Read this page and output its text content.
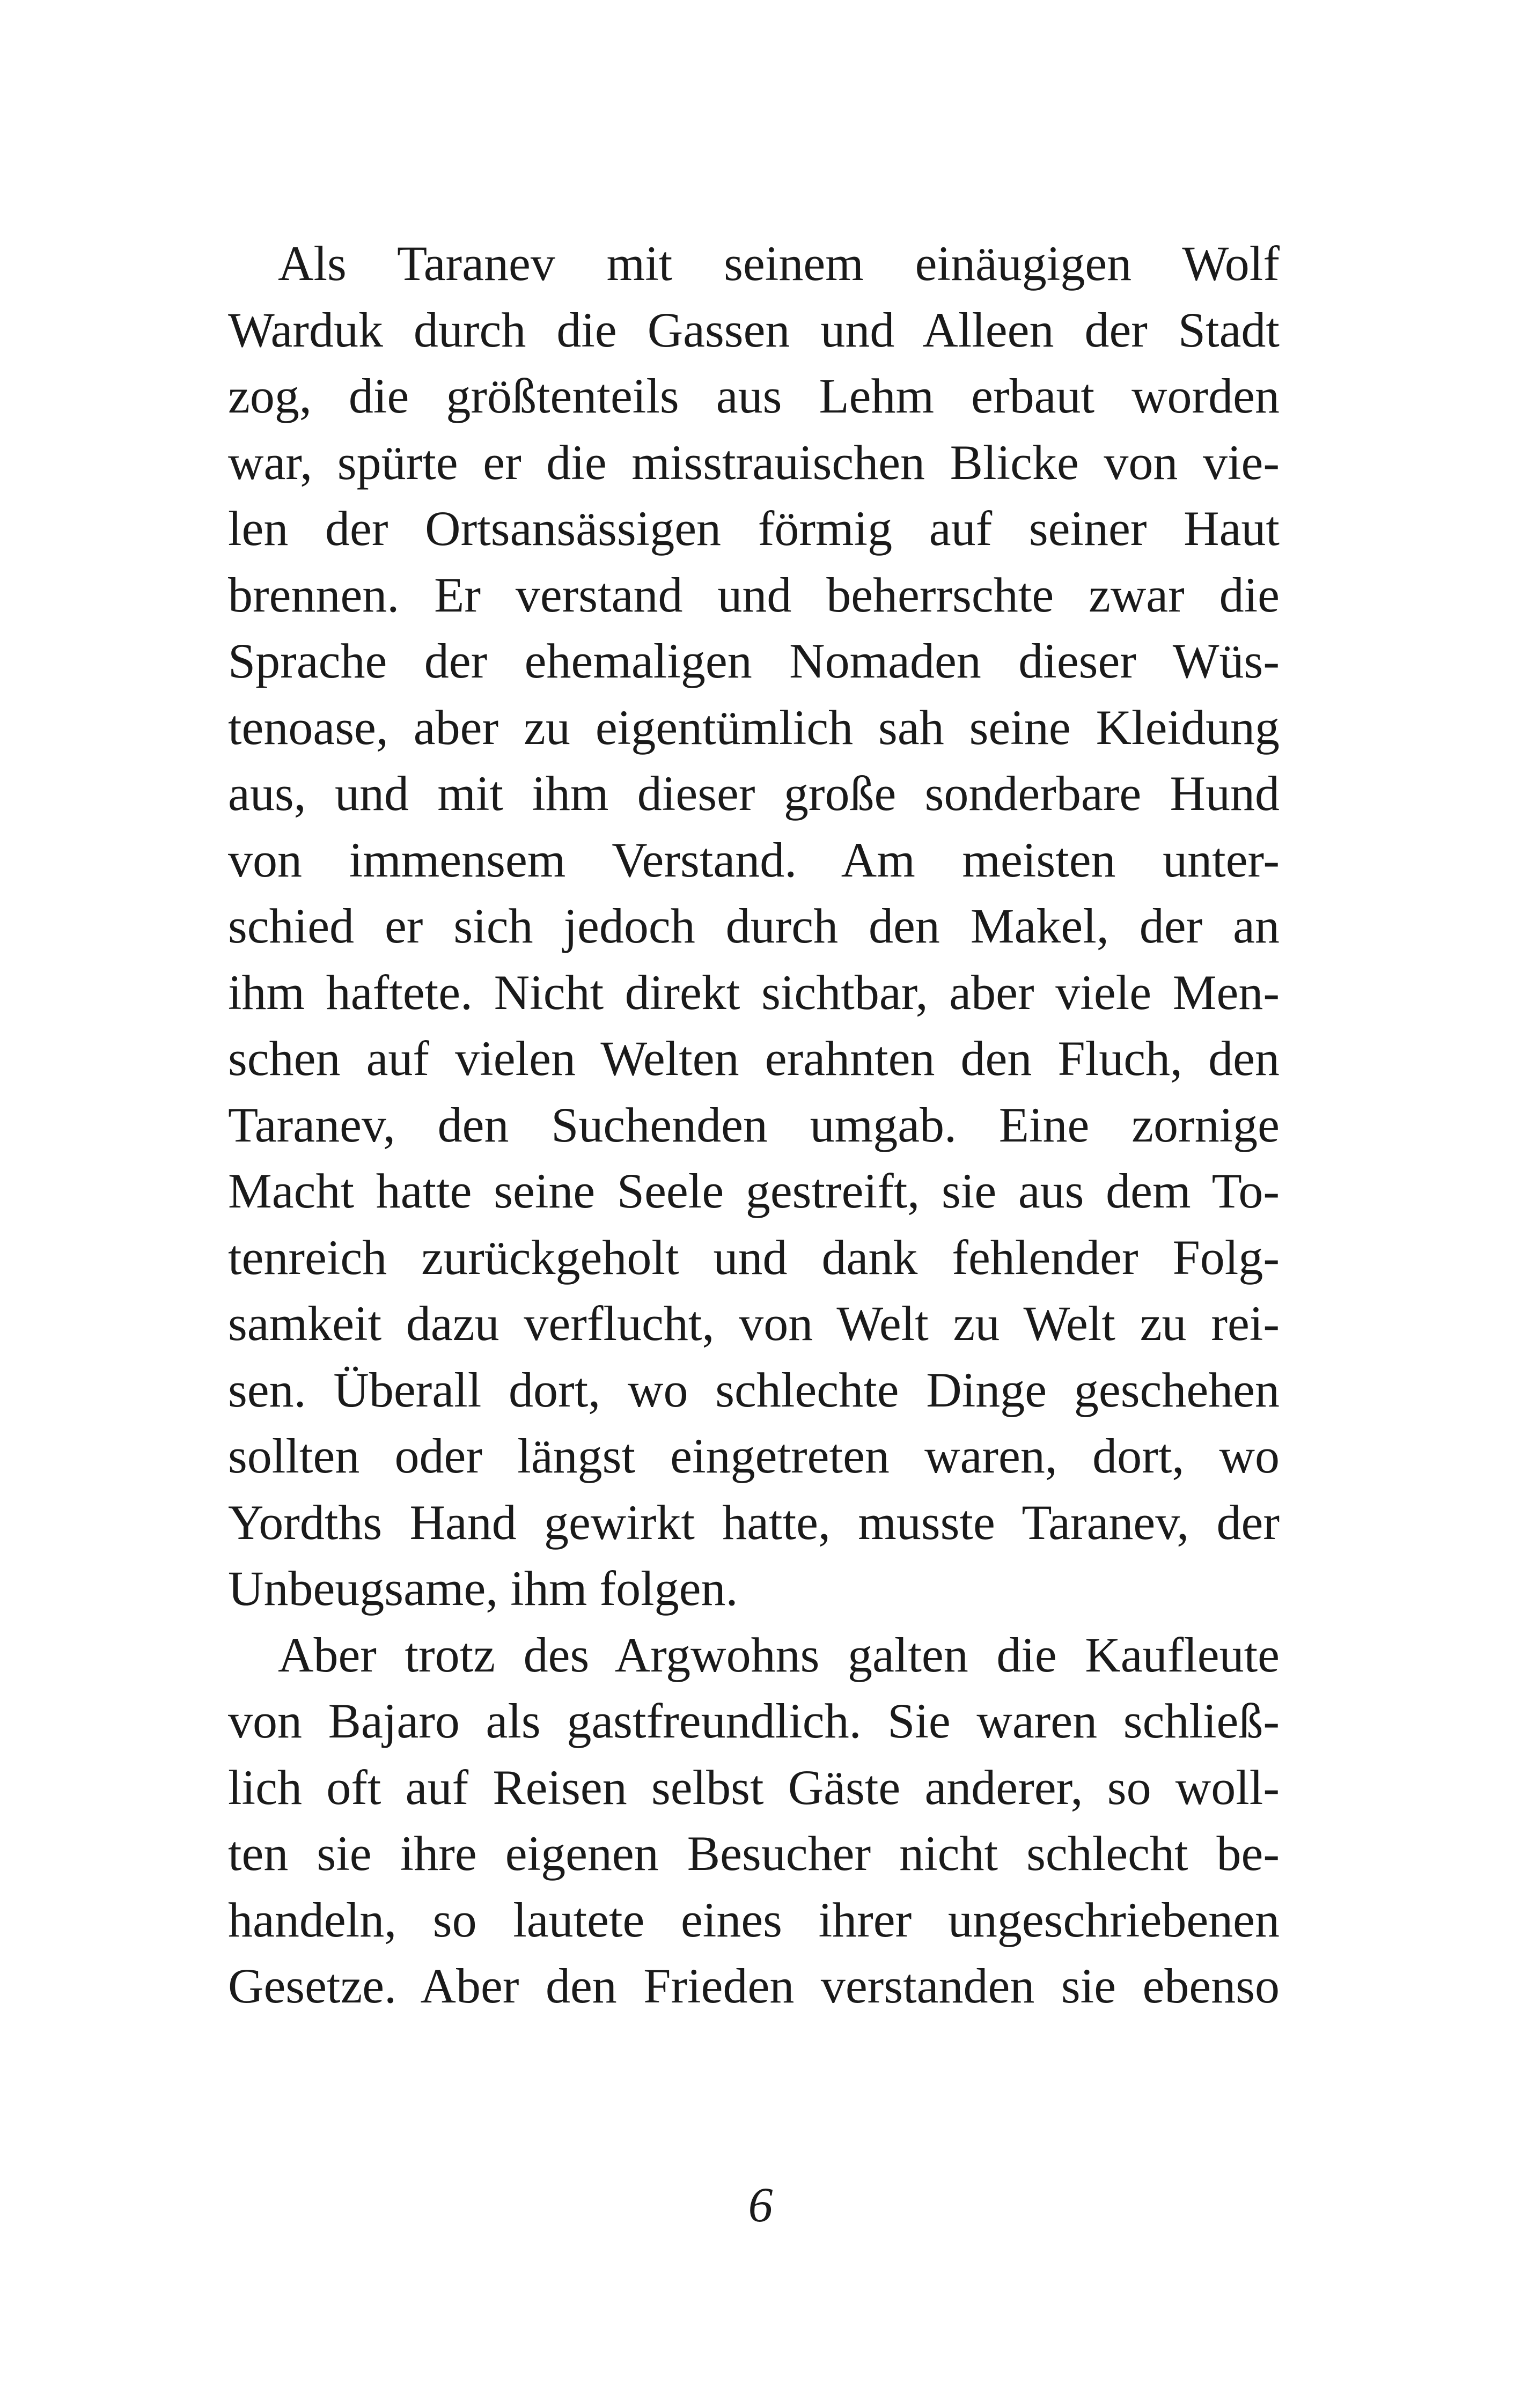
Als Taranev mit seinem einäugigen Wolf
Warduk durch die Gassen und Alleen der Stadt
zog, die größtenteils aus Lehm erbaut worden
war, spürte er die misstrauischen Blicke von vie-
len der Ortsansässigen förmig auf seiner Haut
brennen. Er verstand und beherrschte zwar die
Sprache der ehemaligen Nomaden dieser Wüs-
tenoase, aber zu eigentümlich sah seine Kleidung
aus, und mit ihm dieser große sonderbare Hund
von immensem Verstand. Am meisten unter-
schied er sich jedoch durch den Makel, der an
ihm haftete. Nicht direkt sichtbar, aber viele Men-
schen auf vielen Welten erahnten den Fluch, den
Taranev, den Suchenden umgab. Eine zornige
Macht hatte seine Seele gestreift, sie aus dem To-
tenreich zurückgeholt und dank fehlender Folg-
samkeit dazu verflucht, von Welt zu Welt zu rei-
sen. Überall dort, wo schlechte Dinge geschehen
sollten oder längst eingetreten waren, dort, wo
Yordths Hand gewirkt hatte, musste Taranev, der
Unbeugsame, ihm folgen.

Aber trotz des Argwohns galten die Kaufleute
von Bajaro als gastfreundlich. Sie waren schließ-
lich oft auf Reisen selbst Gäste anderer, so woll-
ten sie ihre eigenen Besucher nicht schlecht be-
handeln, so lautete eines ihrer ungeschriebenen
Gesetze. Aber den Frieden verstanden sie ebenso

6
